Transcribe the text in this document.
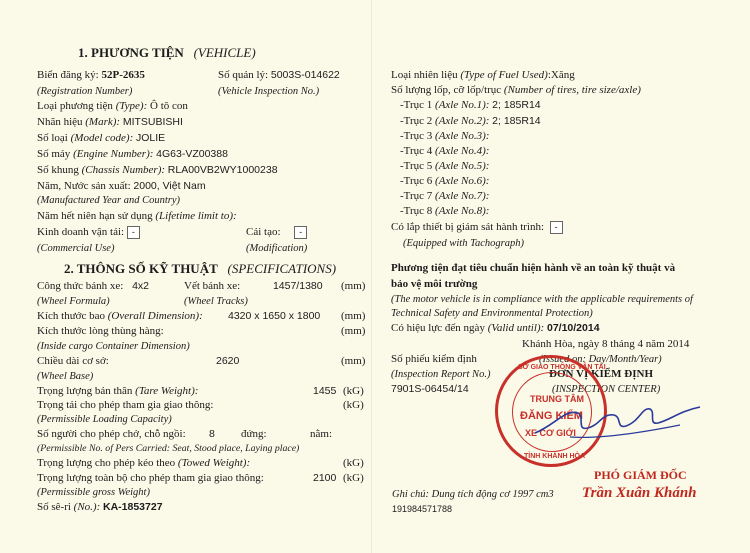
1. PHƯƠNG TIỆN (VEHICLE)
Biển đăng ký: 52P-2635	Số quản lý: 5003S-014622
(Registration Number)	(Vehicle Inspection No.)
Loại phương tiện (Type): Ô tô con
Nhãn hiệu (Mark): MITSUBISHI
Số loại (Model code): JOLIE
Số máy (Engine Number): 4G63-VZ00388
Số khung (Chassis Number): RLA00VB2WY1000238
Năm, Nước sản xuất: 2000, Việt Nam
(Manufactured Year and Country)
Năm hết niên hạn sử dụng (Lifetime limit to):
Kinh doanh vận tải: -	Cải tạo: -
(Commercial Use)	(Modification)
2. THÔNG SỐ KỸ THUẬT (SPECIFICATIONS)
Công thức bánh xe: 4x2	Vết bánh xe:	1457/1380 (mm)
(Wheel Formula)	(Wheel Tracks)
Kích thước bao (Overall Dimension): 4320 x 1650 x 1800 (mm)
Kích thước lòng thùng hàng:	(mm)
(Inside cargo Container Dimension)
Chiều dài cơ sở:	2620	(mm)
(Wheel Base)
Trọng lượng bản thân (Tare Weight):	1455 (kG)
Trọng tải cho phép tham gia giao thông:	(kG)
(Permissible Loading Capacity)
Số người cho phép chở, chỗ ngồi: 8 đứng:	nằm:
(Permissible No. of Pers Carried: Seat, Stood place, Laying place)
Trọng lượng cho phép kéo theo (Towed Weight):	(kG)
Trọng lượng toàn bộ cho phép tham gia giao thông:	2100 (kG)
(Permissible gross Weight)
Số sê-ri (No.): KA-1853727
Loại nhiên liệu (Type of Fuel Used):Xăng
Số lượng lốp, cỡ lốp/trục (Number of tires, tire size/axle)
-Trục 1 (Axle No.1): 2; 185R14
-Trục 2 (Axle No.2): 2; 185R14
-Trục 3 (Axle No.3):
-Trục 4 (Axle No.4):
-Trục 5 (Axle No.5):
-Trục 6 (Axle No.6):
-Trục 7 (Axle No.7):
-Trục 8 (Axle No.8):
Có lắp thiết bị giám sát hành trình: -
(Equipped with Tachograph)
Phương tiện đạt tiêu chuẩn hiện hành về an toàn kỹ thuật và
bảo vệ môi trường
(The motor vehicle is in compliance with the applicable requirements of
Technical Safety and Environmental Protection)
Có hiệu lực đến ngày (Valid until): 07/10/2014
Khánh Hòa, ngày 8 tháng 4 năm 2014
Số phiếu kiểm định	(Issued on: Day/Month/Year)
(Inspection Report No.)	ĐƠN VỊ KIỂM ĐỊNH
7901S-06454/14	(INSPECTION CENTER)
Ghi chú: Dung tích động cơ 1997 cm3
191984571788
PHÓ GIÁM ĐỐC
Trần Xuân Khánh
SỞ GIAO THÔNG VẬN TẢI
TRUNG TÂM
ĐĂNG KIỂM
XE CƠ GIỚI
TỈNH KHÁNH HÒA
